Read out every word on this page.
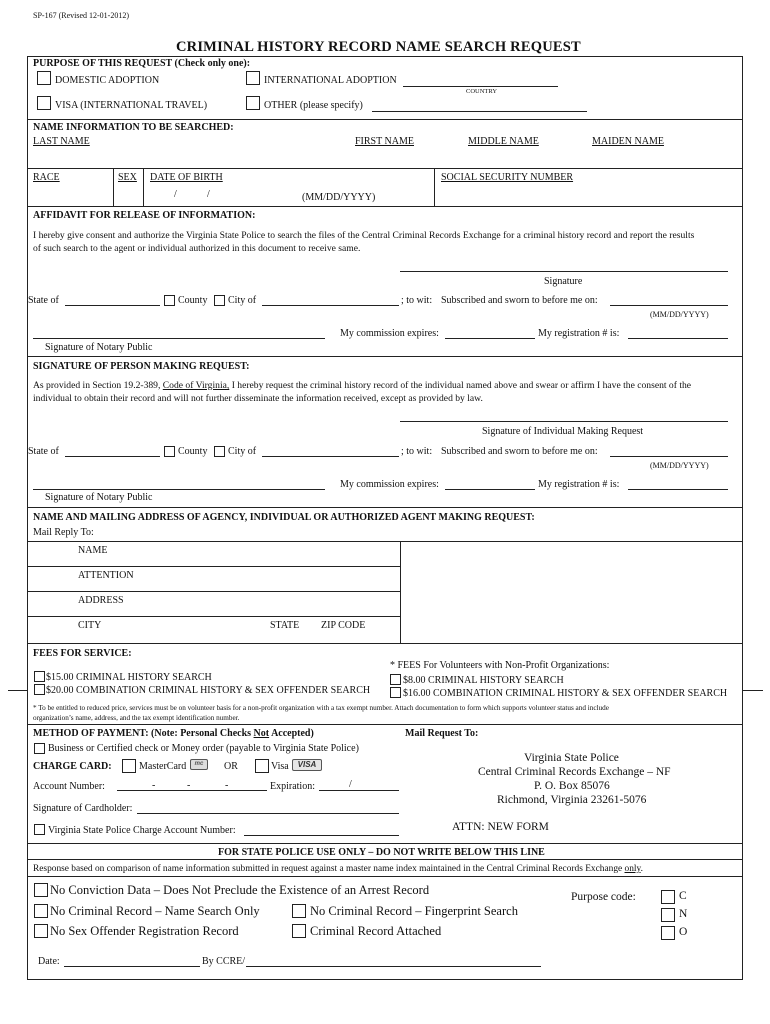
SP-167 (Revised 12-01-2012)
CRIMINAL HISTORY RECORD NAME SEARCH REQUEST
PURPOSE OF THIS REQUEST (Check only one):
DOMESTIC ADOPTION	INTERNATIONAL ADOPTION
COUNTRY
VISA (INTERNATIONAL TRAVEL)	OTHER (please specify)
NAME INFORMATION TO BE SEARCHED:
LAST NAME	FIRST NAME	MIDDLE NAME	MAIDEN NAME
RACE	SEX DATE OF BIRTH
/	/	(MM/DD/YYYY)
SOCIAL SECURITY NUMBER
AFFIDAVIT FOR RELEASE OF INFORMATION:
I hereby give consent and authorize the Virginia State Police to search the files of the Central Criminal Records Exchange for a criminal history record and report the results
of such search to the agent or individual authorized in this document to receive same.
Signature
State of	County City of	; to wit: Subscribed and sworn to before me on:
(MM/DD/YYYY)
My commission expires:	My registration # is:
Signature of Notary Public
SIGNATURE OF PERSON MAKING REQUEST:
As provided in Section 19.2-389, Code of Virginia, I hereby request the criminal history record of the individual named above and swear or affirm I have the consent of the
individual to obtain their record and will not further disseminate the information received, except as provided by law.
Signature of Individual Making Request
State of	County City of	; to wit: Subscribed and sworn to before me on:
(MM/DD/YYYY)
My commission expires:	My registration # is:
Signature of Notary Public
NAME AND MAILING ADDRESS OF AGENCY, INDIVIDUAL OR AUTHORIZED AGENT MAKING REQUEST:
Mail Reply To:
NAME
ATTENTION
ADDRESS
CITY	STATE ZIP CODE
FEES FOR SERVICE:
* FEES For Volunteers with Non-Profit Organizations:
$15.00 CRIMINAL HISTORY SEARCH
$20.00 COMBINATION CRIMINAL HISTORY & SEX OFFENDER SEARCH
$8.00 CRIMINAL HISTORY SEARCH
$16.00 COMBINATION CRIMINAL HISTORY & SEX OFFENDER SEARCH
* To be entitled to reduced price, services must be on volunteer basis for a non-profit organization with a tax exempt number. Attach documentation to form which supports volunteer status and include
organization’s name, address, and the tax exempt identification number.
METHOD OF PAYMENT: (Note: Personal Checks Not Accepted)
Business or Certified check or Money order (payable to Virginia State Police)
CHARGE CARD:	MasterCard	mc	OR	Visa	VISA
Account Number:	-	-	-	Expiration:	/
Signature of Cardholder:
Virginia State Police Charge Account Number:
Mail Request To:
Virginia State Police
Central Criminal Records Exchange – NF
P. O. Box 85076
Richmond, Virginia 23261-5076
ATTN: NEW FORM
FOR STATE POLICE USE ONLY – DO NOT WRITE BELOW THIS LINE
Response based on comparison of name information submitted in request against a master name index maintained in the Central Criminal Records Exchange only.
No Conviction Data – Does Not Preclude the Existence of an Arrest Record
No Criminal Record – Name Search Only	No Criminal Record – Fingerprint Search
No Sex Offender Registration Record	Criminal Record Attached
Purpose code:	C
N
O
Date:	By CCRE/
